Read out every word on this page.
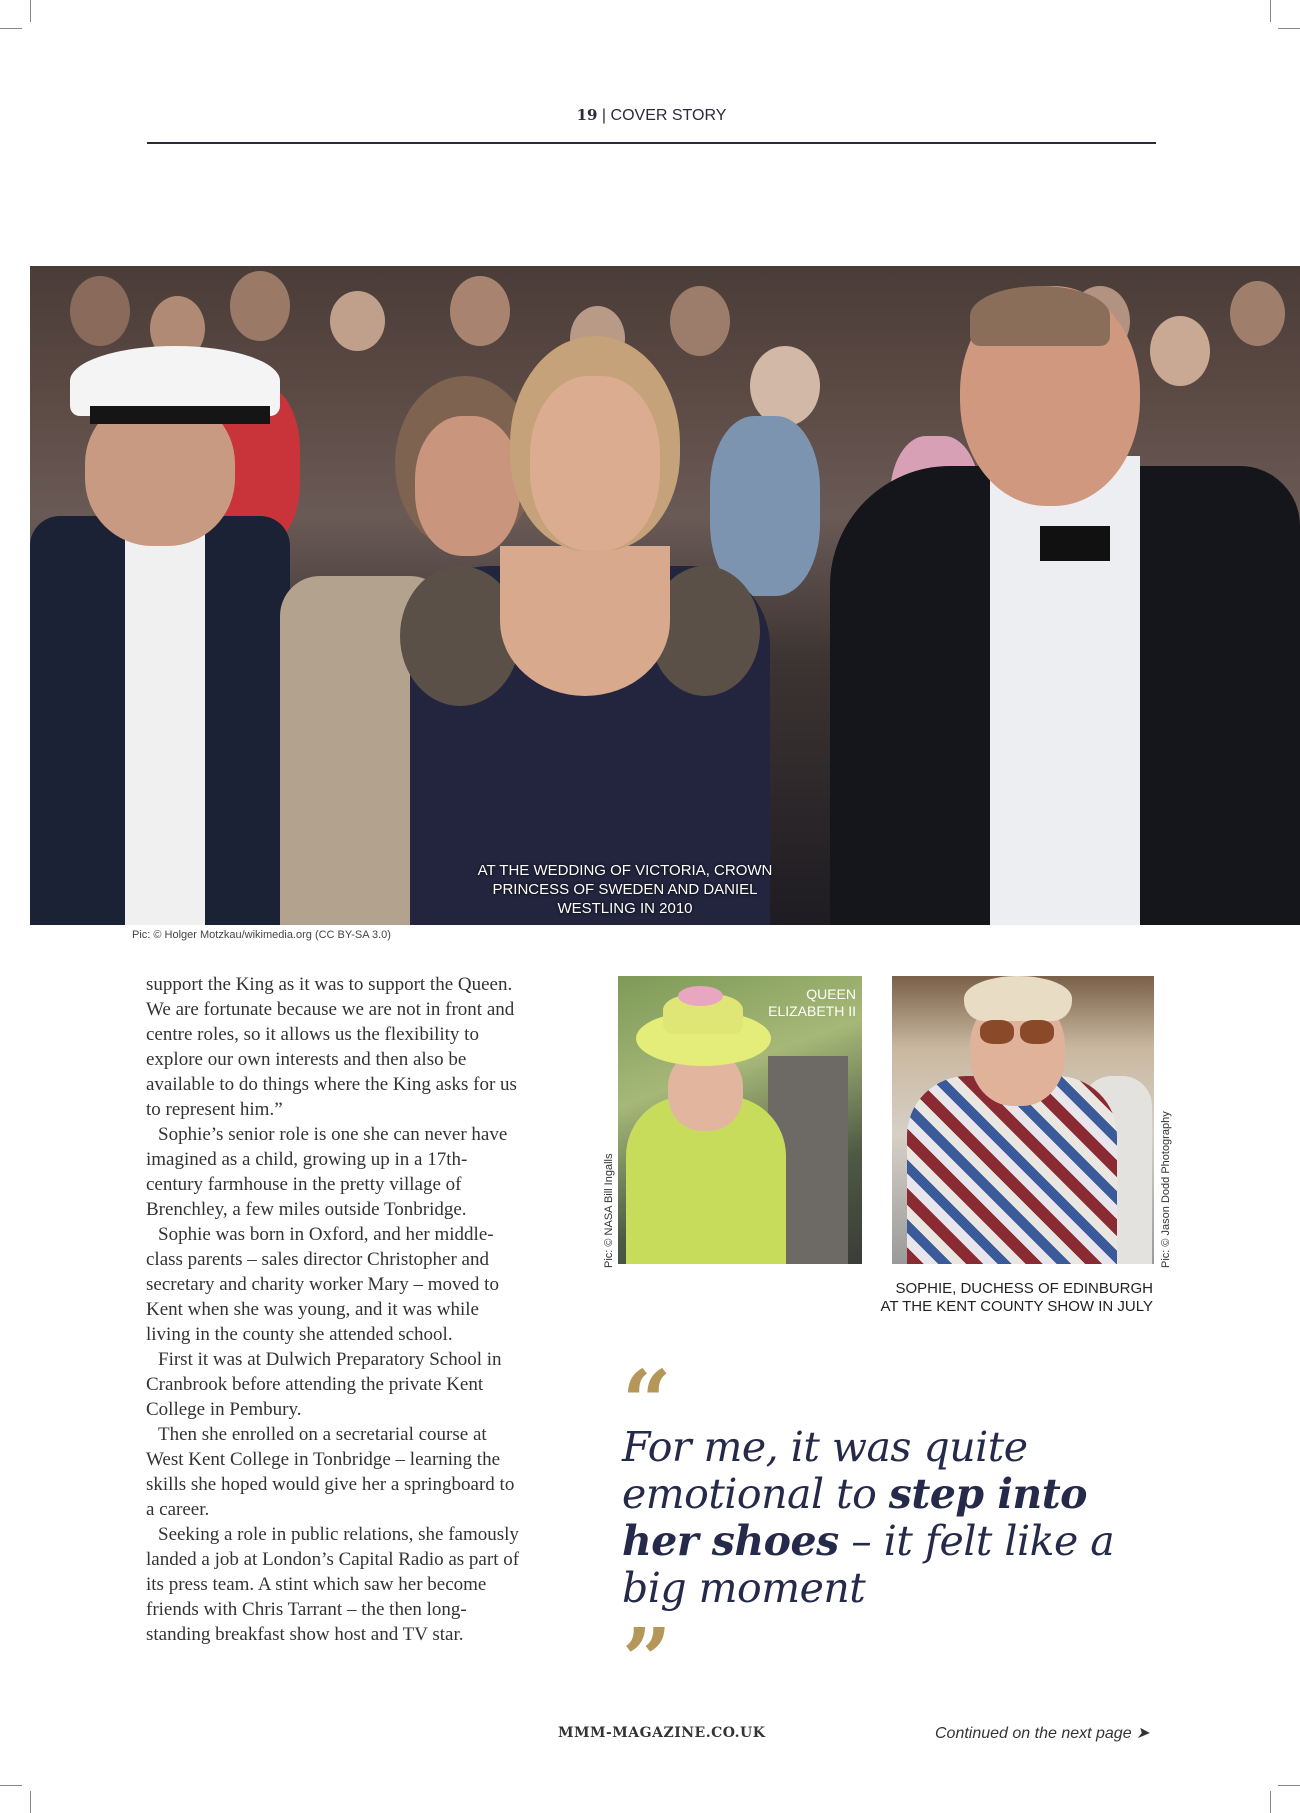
19 | COVER STORY
AT THE WEDDING OF VICTORIA, CROWN PRINCESS OF SWEDEN AND DANIEL WESTLING IN 2010
Pic: © Holger Motzkau/wikimedia.org (CC BY-SA 3.0)

support the King as it was to support the Queen. We are fortunate because we are not in front and centre roles, so it allows us the flexibility to explore our own interests and then also be available to do things where the King asks for us to represent him.”

Sophie’s senior role is one she can never have imagined as a child, growing up in a 17th-century farmhouse in the pretty village of Brenchley, a few miles outside Tonbridge.

Sophie was born in Oxford, and her middle-class parents – sales director Christopher and secretary and charity worker Mary – moved to Kent when she was young, and it was while living in the county she attended school.

First it was at Dulwich Preparatory School in Cranbrook before attending the private Kent College in Pembury.

Then she enrolled on a secretarial course at West Kent College in Tonbridge – learning the skills she hoped would give her a springboard to a career.

Seeking a role in public relations, she famously landed a job at London’s Capital Radio as part of its press team. A stint which saw her become friends with Chris Tarrant – the then long-standing breakfast show host and TV star.

QUEEN
ELIZABETH II
Pic: © NASA Bill Ingalls	Pic: © Jason Dodd Photography
SOPHIE, DUCHESS OF EDINBURGH AT THE KENT COUNTY SHOW IN JULY
“
For me, it was quite emotional to step into her shoes – it felt like a big moment
”
MMM-MAGAZINE.CO.UK	Continued on the next page ➤
